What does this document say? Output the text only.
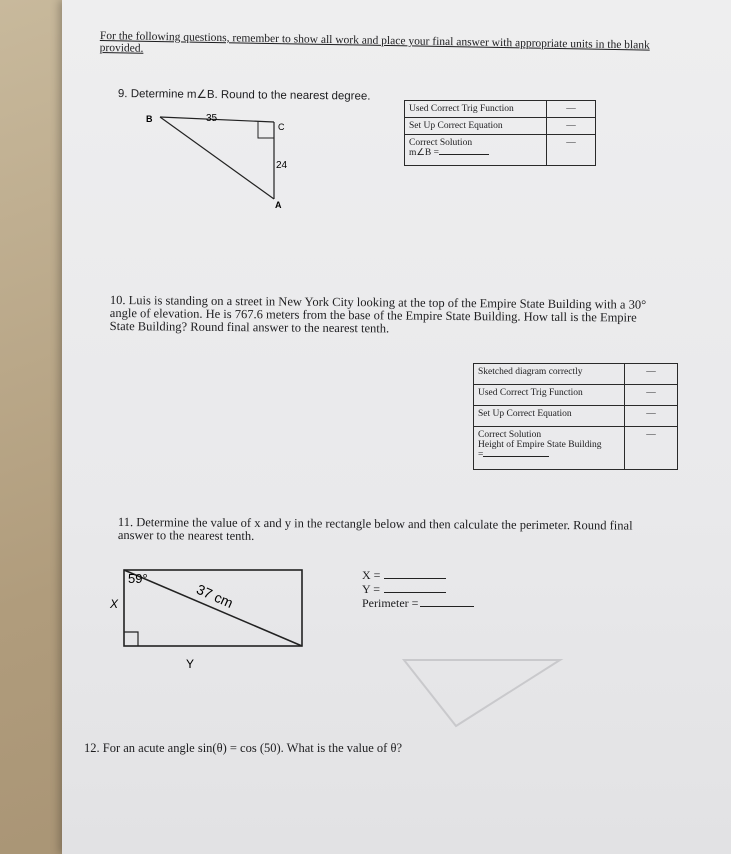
For the following questions, remember to show all work and place your final answer with appropriate units in the blank provided.
9. Determine m∠B. Round to the nearest degree.
B	35
C
24
A
Used Correct Trig Function	—
Set Up Correct Equation	—

Correct Solution
m∠B =	—
10. Luis is standing on a street in New York City looking at the top of the Empire State Building with a 30° angle of elevation. He is 767.6 meters from the base of the Empire State Building. How tall is the Empire State Building? Round final answer to the nearest tenth.
Sketched diagram correctly	—
Used Correct Trig Function	—
Set Up Correct Equation	—

Correct Solution
Height of Empire State Building
=	—
11. Determine the value of x and y in the rectangle below and then calculate the perimeter. Round final answer to the nearest tenth.
59°
37 cm
X
Y
X =
Y =
Perimeter =
12. For an acute angle sin(θ) = cos (50). What is the value of θ?
